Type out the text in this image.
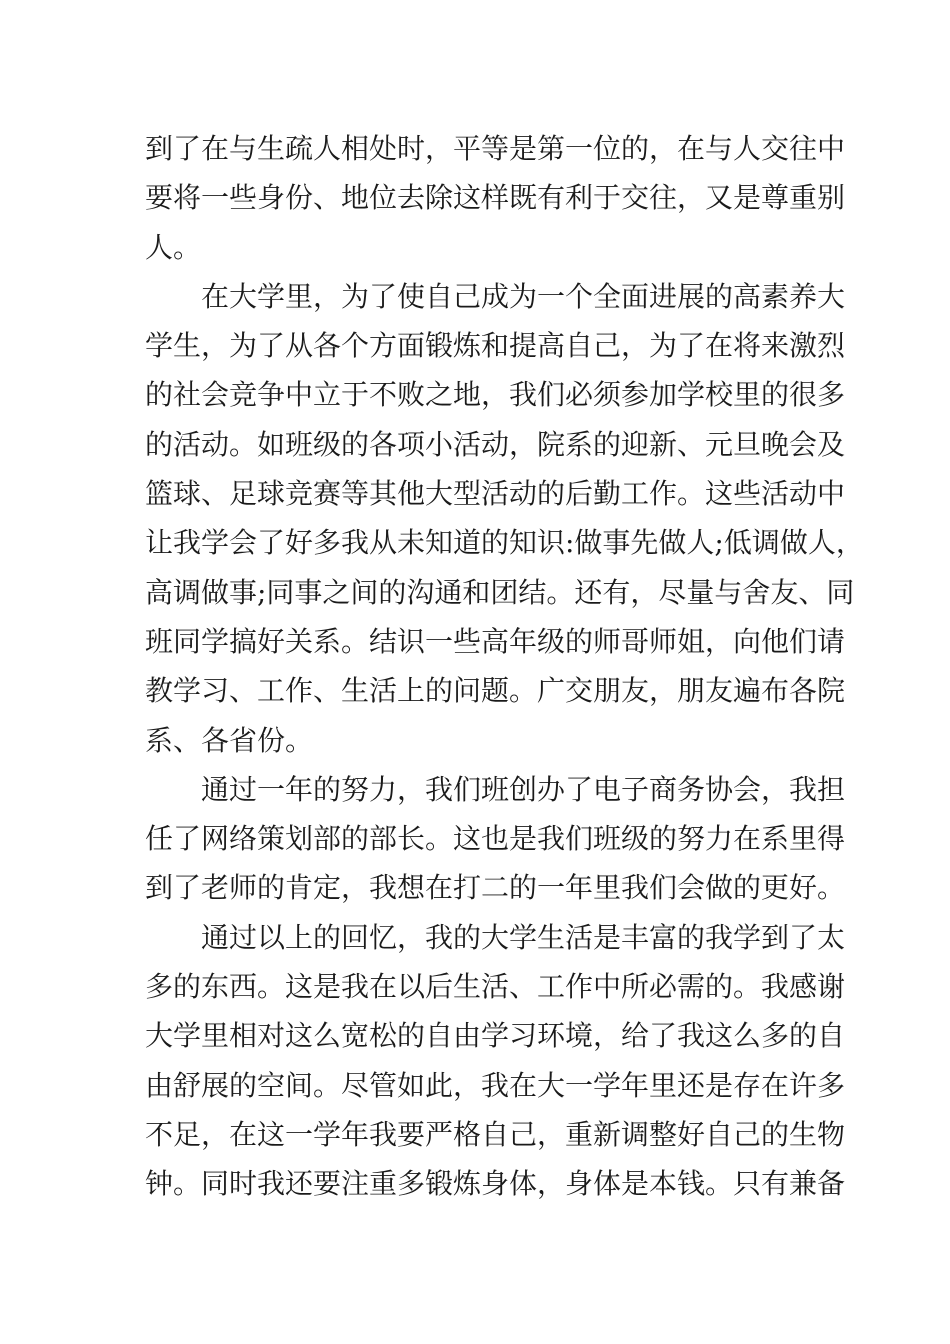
到了在与生疏人相处时，平等是第一位的，在与人交往中
要将一些身份、地位去除这样既有利于交往，又是尊重别
人。
在大学里，为了使自己成为一个全面进展的高素养大
学生，为了从各个方面锻炼和提高自己，为了在将来激烈
的社会竞争中立于不败之地，我们必须参加学校里的很多
的活动。如班级的各项小活动，院系的迎新、元旦晚会及
篮球、足球竞赛等其他大型活动的后勤工作。这些活动中
让我学会了好多我从未知道的知识:做事先做人;低调做人，
高调做事;同事之间的沟通和团结。还有，尽量与舍友、同
班同学搞好关系。结识一些高年级的师哥师姐，向他们请
教学习、工作、生活上的问题。广交朋友，朋友遍布各院
系、各省份。
通过一年的努力，我们班创办了电子商务协会，我担
任了网络策划部的部长。这也是我们班级的努力在系里得
到了老师的肯定，我想在打二的一年里我们会做的更好。
通过以上的回忆，我的大学生活是丰富的我学到了太
多的东西。这是我在以后生活、工作中所必需的。我感谢
大学里相对这么宽松的自由学习环境，给了我这么多的自
由舒展的空间。尽管如此，我在大一学年里还是存在许多
不足，在这一学年我要严格自己，重新调整好自己的生物
钟。同时我还要注重多锻炼身体，身体是本钱。只有兼备
